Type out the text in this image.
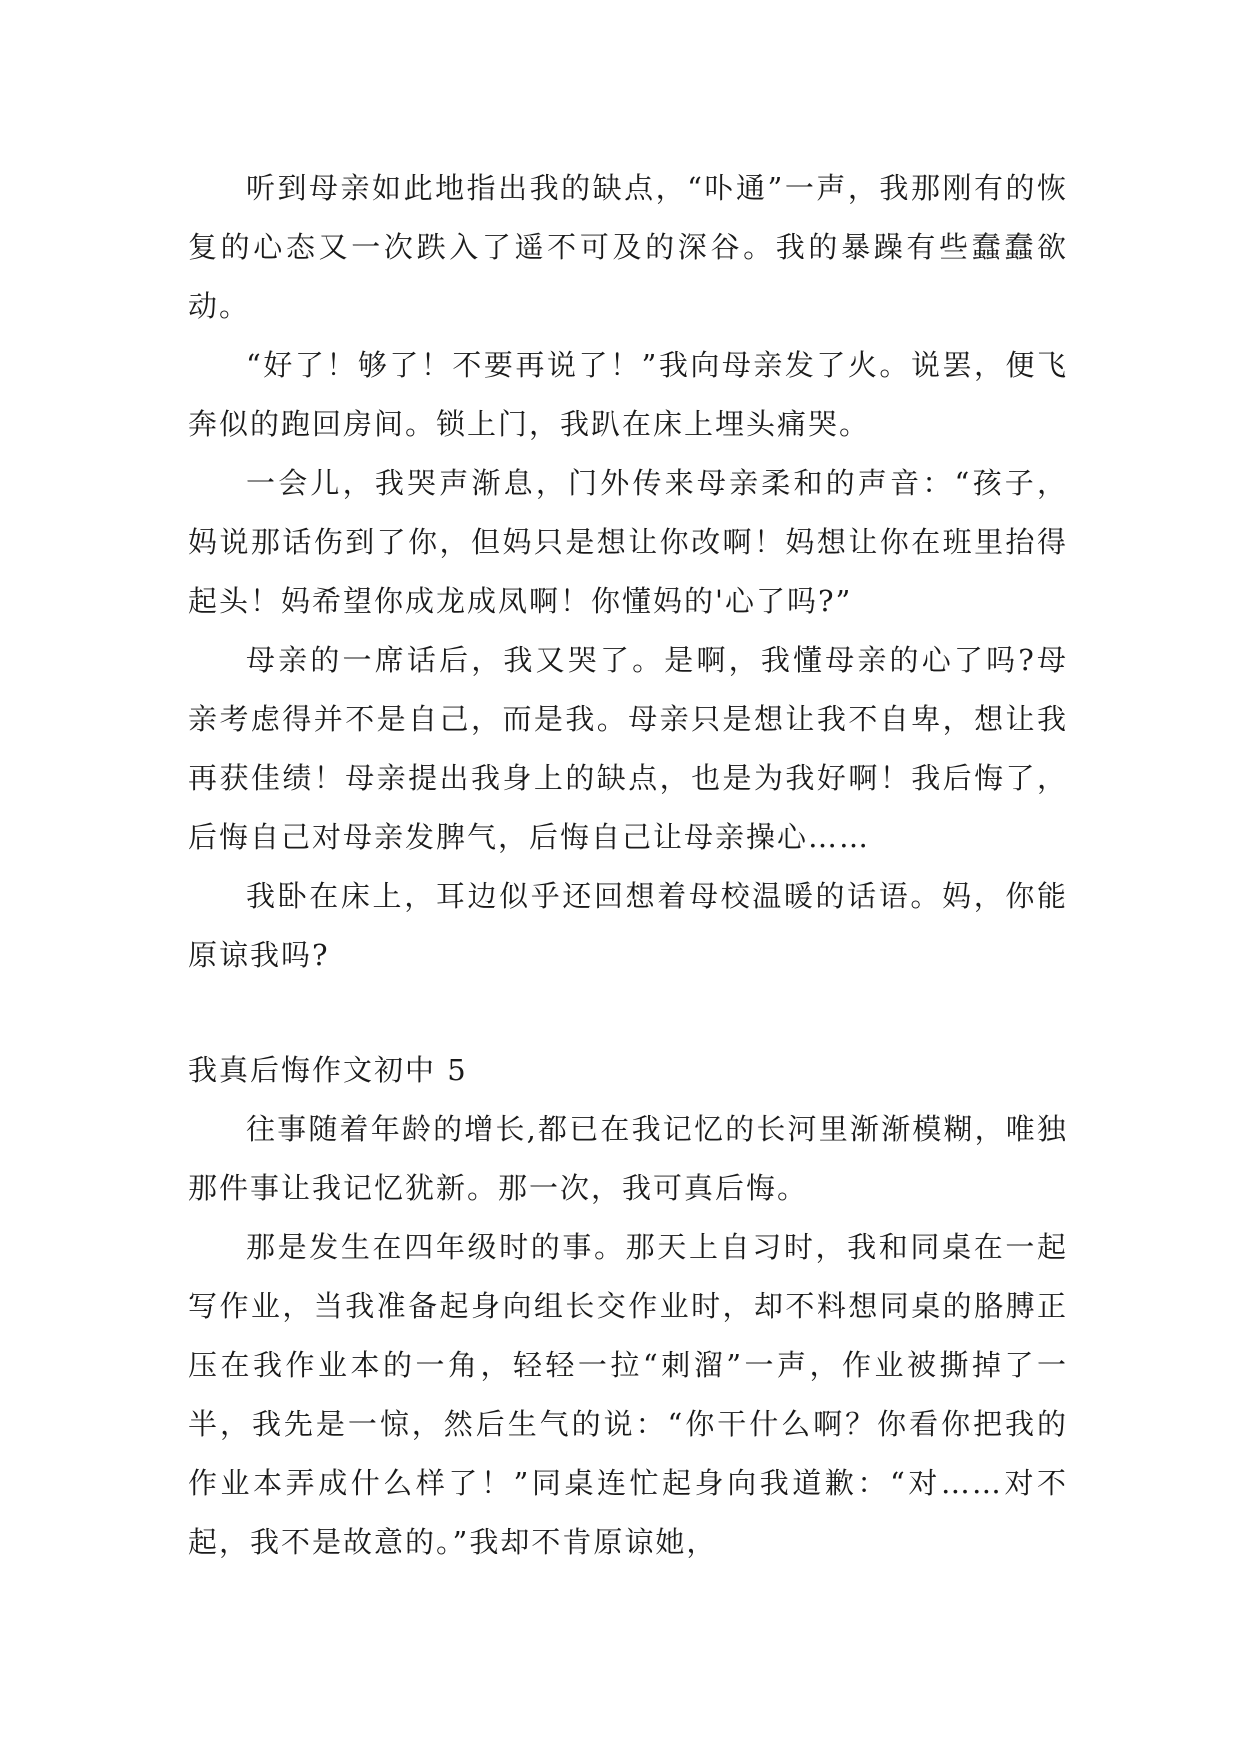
听到母亲如此地指出我的缺点，“卟通”一声，我那刚有的恢复的心态又一次跌入了遥不可及的深谷。我的暴躁有些蠢蠢欲动。

“好了！够了！不要再说了！”我向母亲发了火。说罢，便飞奔似的跑回房间。锁上门，我趴在床上埋头痛哭。

一会儿，我哭声渐息，门外传来母亲柔和的声音：“孩子，妈说那话伤到了你，但妈只是想让你改啊！妈想让你在班里抬得起头！妈希望你成龙成凤啊！你懂妈的'心了吗?”

母亲的一席话后，我又哭了。是啊，我懂母亲的心了吗?母亲考虑得并不是自己，而是我。母亲只是想让我不自卑，想让我再获佳绩！母亲提出我身上的缺点，也是为我好啊！我后悔了，后悔自己对母亲发脾气，后悔自己让母亲操心……

我卧在床上，耳边似乎还回想着母校温暖的话语。妈，你能原谅我吗?

我真后悔作文初中 5

往事随着年龄的增长,都已在我记忆的长河里渐渐模糊，唯独那件事让我记忆犹新。那一次，我可真后悔。

那是发生在四年级时的事。那天上自习时，我和同桌在一起写作业，当我准备起身向组长交作业时，却不料想同桌的胳膊正压在我作业本的一角，轻轻一拉“刺溜”一声，作业被撕掉了一半，我先是一惊，然后生气的说：“你干什么啊？你看你把我的作业本弄成什么样了！”同桌连忙起身向我道歉：“对……对不起，我不是故意的。”我却不肯原谅她，
